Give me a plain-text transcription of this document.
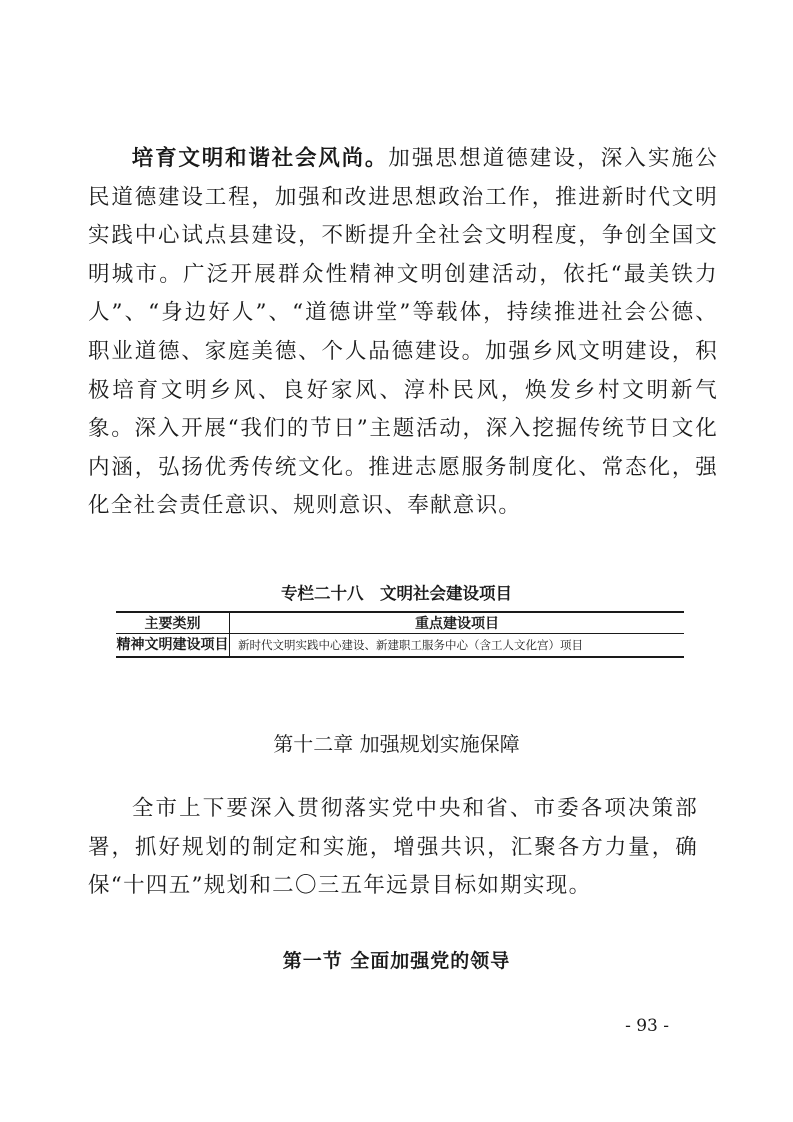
培育文明和谐社会风尚。加强思想道德建设，深入实施公民道德建设工程，加强和改进思想政治工作，推进新时代文明实践中心试点县建设，不断提升全社会文明程度，争创全国文明城市。广泛开展群众性精神文明创建活动，依托“最美铁力人”、“身边好人”、“道德讲堂”等载体，持续推进社会公德、职业道德、家庭美德、个人品德建设。加强乡风文明建设，积极培育文明乡风、良好家风、淳朴民风，焕发乡村文明新气象。深入开展“我们的节日”主题活动，深入挖掘传统节日文化内涵，弘扬优秀传统文化。推进志愿服务制度化、常态化，强化全社会责任意识、规则意识、奉献意识。

专栏二十八　文明社会建设项目

主要类别	重点建设项目
精神文明建设项目	新时代文明实践中心建设、新建职工服务中心（含工人文化宫）项目
第十二章 加强规划实施保障

全市上下要深入贯彻落实党中央和省、市委各项决策部署，抓好规划的制定和实施，增强共识，汇聚各方力量，确保“十四五”规划和二〇三五年远景目标如期实现。

第一节 全面加强党的领导
- 93 -
